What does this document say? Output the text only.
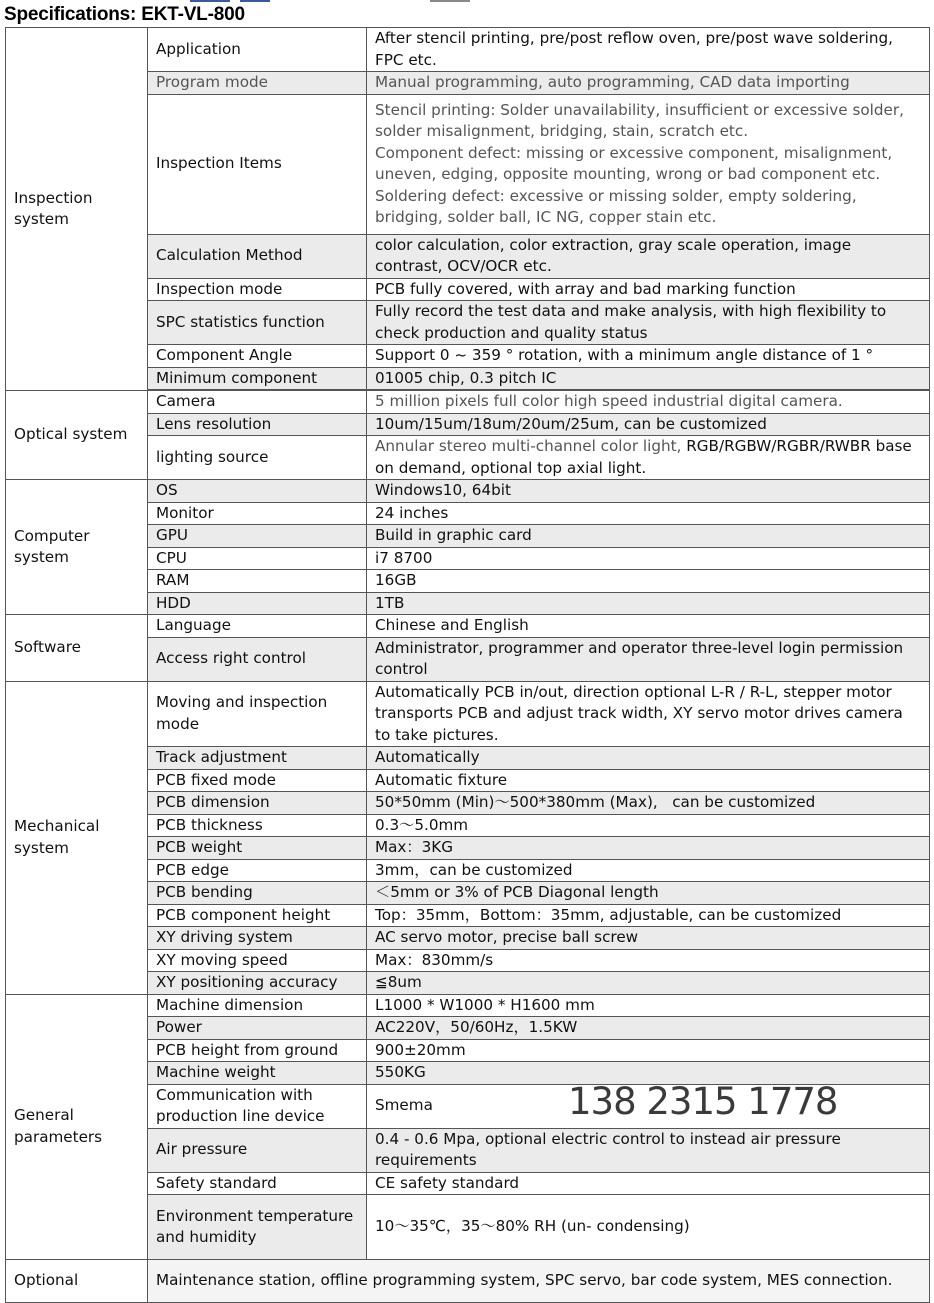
Specifications: EKT-VL-800
Inspection system	Application	After stencil printing, pre/post reflow oven, pre/post wave soldering, FPC etc.
	Program mode	Manual programming, auto programming, CAD data importing
	Inspection Items	Stencil printing: Solder unavailability, insufficient or excessive solder, solder misalignment, bridging, stain, scratch etc.
Component defect: missing or excessive component, misalignment, uneven, edging, opposite mounting, wrong or bad component etc.
Soldering defect: excessive or missing solder, empty soldering, bridging, solder ball, IC NG, copper stain etc.

	Calculation Method	color calculation, color extraction, gray scale operation, image contrast, OCV/OCR etc.
	Inspection mode	PCB fully covered, with array and bad marking function
	SPC statistics function	Fully record the test data and make analysis, with high flexibility to check production and quality status
	Component Angle	Support 0 ~ 359 ° rotation, with a minimum angle distance of 1 °
	Minimum component	01005 chip, 0.3 pitch IC

Optical system	Camera	5 million pixels full color high speed industrial digital camera.
	Lens resolution	10um/15um/18um/20um/25um, can be customized
	lighting source	Annular stereo multi-channel color light, RGB/RGBW/RGBR/RWBR base on demand, optional top axial light.
Computer system	OS	Windows10, 64bit
	Monitor	24 inches
	GPU	Build in graphic card
	CPU	i7 8700
	RAM	16GB
	HDD	1TB
Software	Language	Chinese and English
	Access right control	Administrator, programmer and operator three-level login permission control
Mechanical system	Moving and inspection mode	Automatically PCB in/out, direction optional L-R / R-L, stepper motor transports PCB and adjust track width, XY servo motor drives camera to take pictures.
	Track adjustment	Automatically
	PCB fixed mode	Automatic fixture
	PCB dimension	50*50mm (Min)～500*380mm (Max),   can be customized
	PCB thickness	0.3～5.0mm
	PCB weight	Max：3KG
	PCB edge	3mm，can be customized
	PCB bending	＜5mm or 3% of PCB Diagonal length
	PCB component height	Top：35mm，Bottom：35mm, adjustable, can be customized
	XY driving system	AC servo motor, precise ball screw
	XY moving speed	Max：830mm/s
	XY positioning accuracy	≦8um
General parameters	Machine dimension	L1000 * W1000 * H1600 mm
	Power	AC220V，50/60Hz，1.5KW
	PCB height from ground	900±20mm
	Machine weight	550KG
	Communication with production line device	Smema
	Air pressure	0.4 - 0.6 Mpa, optional electric control to instead air pressure requirements
	Safety standard	CE safety standard
	Environment temperature and humidity	10～35℃，35～80% RH (un- condensing)
Optional	Maintenance station, offline programming system, SPC servo, bar code system, MES connection.	
138 2315 1778
